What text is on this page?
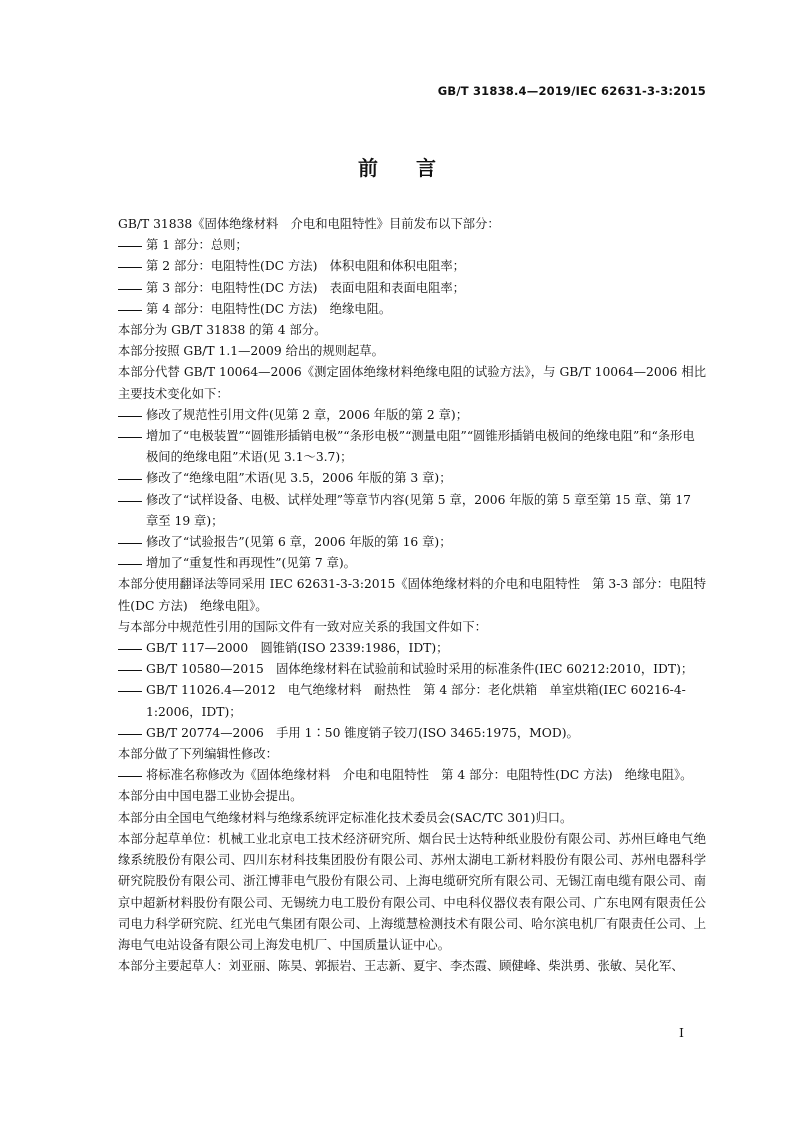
GB/T 31838.4—2019/IEC 62631-3-3:2015
前言

GB/T 31838《固体绝缘材料　介电和电阻特性》目前发布以下部分：

第 1 部分：总则；

第 2 部分：电阻特性(DC 方法)　体积电阻和体积电阻率；

第 3 部分：电阻特性(DC 方法)　表面电阻和表面电阻率；

第 4 部分：电阻特性(DC 方法)　绝缘电阻。

本部分为 GB/T 31838 的第 4 部分。

本部分按照 GB/T 1.1—2009 给出的规则起草。

本部分代替 GB/T 10064—2006《测定固体绝缘材料绝缘电阻的试验方法》，与 GB/T 10064—2006 相比主要技术变化如下：

修改了规范性引用文件(见第 2 章，2006 年版的第 2 章)；

增加了“电极装置”“圆锥形插销电极”“条形电极”“测量电阻”“圆锥形插销电极间的绝缘电阻”和“条形电极间的绝缘电阻”术语(见 3.1～3.7)；

修改了“绝缘电阻”术语(见 3.5，2006 年版的第 3 章)；

修改了“试样设备、电极、试样处理”等章节内容(见第 5 章，2006 年版的第 5 章至第 15 章、第 17 章至 19 章)；

修改了“试验报告”(见第 6 章，2006 年版的第 16 章)；

增加了“重复性和再现性”(见第 7 章)。

本部分使用翻译法等同采用 IEC 62631-3-3:2015《固体绝缘材料的介电和电阻特性　第 3-3 部分：电阻特性(DC 方法)　绝缘电阻》。

与本部分中规范性引用的国际文件有一致对应关系的我国文件如下：

GB/T 117—2000　圆锥销(ISO 2339:1986，IDT)；

GB/T 10580—2015　固体绝缘材料在试验前和试验时采用的标准条件(IEC 60212:2010，IDT)；

GB/T 11026.4—2012　电气绝缘材料　耐热性　第 4 部分：老化烘箱　单室烘箱(IEC 60216-4-1:2006，IDT)；

GB/T 20774—2006　手用 1∶50 锥度销子铰刀(ISO 3465:1975，MOD)。

本部分做了下列编辑性修改：

将标准名称修改为《固体绝缘材料　介电和电阻特性　第 4 部分：电阻特性(DC 方法)　绝缘电阻》。

本部分由中国电器工业协会提出。

本部分由全国电气绝缘材料与绝缘系统评定标准化技术委员会(SAC/TC 301)归口。

本部分起草单位：机械工业北京电工技术经济研究所、烟台民士达特种纸业股份有限公司、苏州巨峰电气绝缘系统股份有限公司、四川东材科技集团股份有限公司、苏州太湖电工新材料股份有限公司、苏州电器科学研究院股份有限公司、浙江博菲电气股份有限公司、上海电缆研究所有限公司、无锡江南电缆有限公司、南京中超新材料股份有限公司、无锡统力电工股份有限公司、中电科仪器仪表有限公司、广东电网有限责任公司电力科学研究院、红光电气集团有限公司、上海缆慧检测技术有限公司、哈尔滨电机厂有限责任公司、上海电气电站设备有限公司上海发电机厂、中国质量认证中心。

本部分主要起草人：刘亚丽、陈昊、郭振岩、王志新、夏宇、李杰霞、顾健峰、柴洪勇、张敏、吴化军、

I
